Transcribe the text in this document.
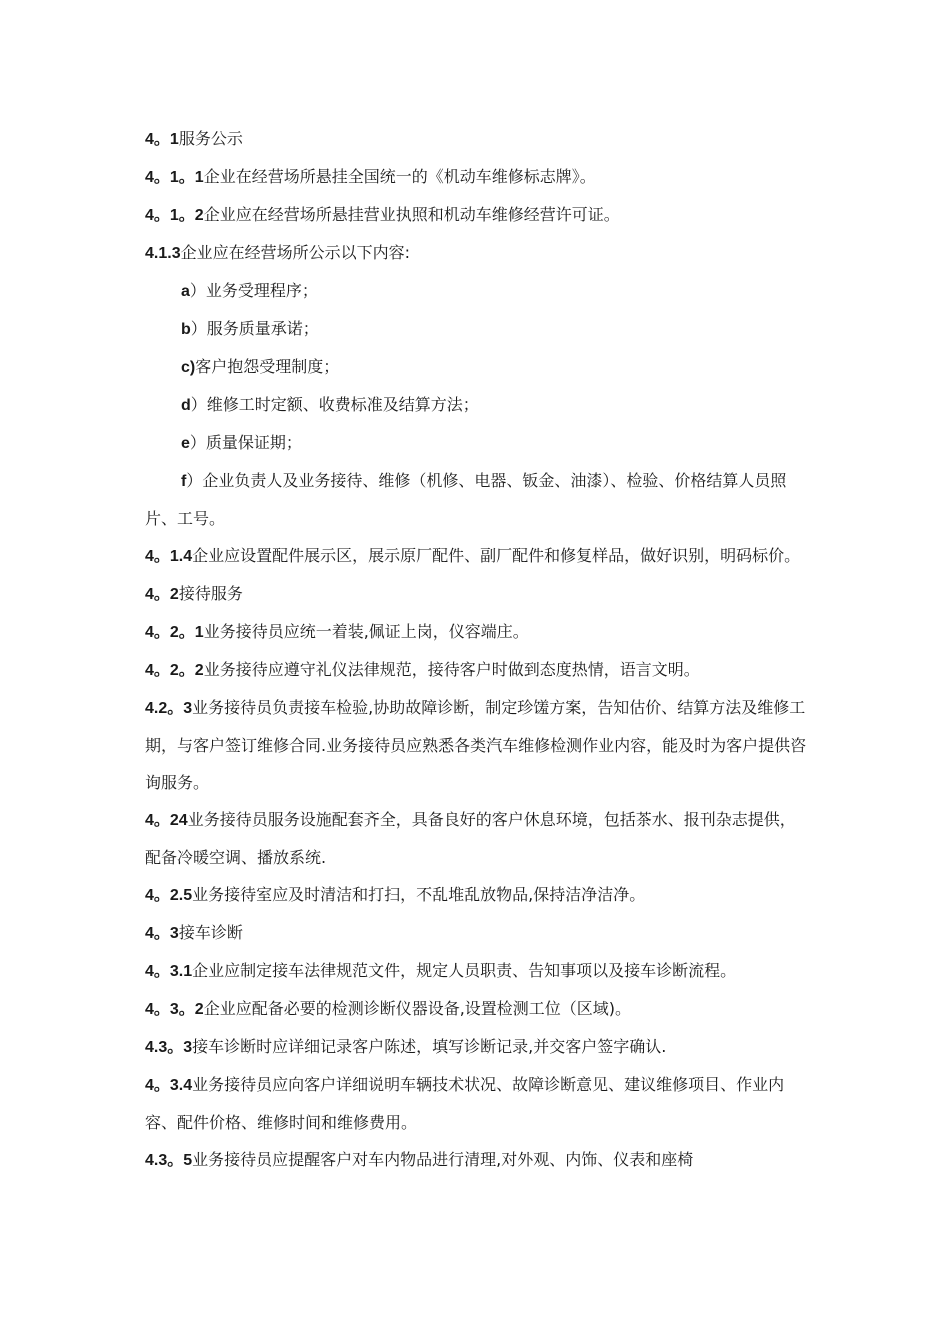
4。1服务公示

4。1。1企业在经营场所悬挂全国统一的《机动车维修标志牌》。

4。1。2企业应在经营场所悬挂营业执照和机动车维修经营许可证。

4.1.3企业应在经营场所公示以下内容:

a）业务受理程序；

b）服务质量承诺；

c)客户抱怨受理制度；

d）维修工时定额、收费标准及结算方法；

e）质量保证期；

f）企业负责人及业务接待、维修（机修、电器、钣金、油漆）、检验、价格结算人员照片、工号。

4。1.4企业应设置配件展示区，展示原厂配件、副厂配件和修复样品，做好识别，明码标价。

4。2接待服务

4。2。1业务接待员应统一着装,佩证上岗，仪容端庄。

4。2。2业务接待应遵守礼仪法律规范，接待客户时做到态度热情，语言文明。

4.2。3业务接待员负责接车检验,协助故障诊断，制定珍馐方案，告知估价、结算方法及维修工期，与客户签订维修合同.业务接待员应熟悉各类汽车维修检测作业内容，能及时为客户提供咨询服务。

4。24业务接待员服务设施配套齐全，具备良好的客户休息环境，包括茶水、报刊杂志提供，配备冷暖空调、播放系统.

4。2.5业务接待室应及时清洁和打扫，不乱堆乱放物品,保持洁净洁净。

4。3接车诊断

4。3.1企业应制定接车法律规范文件，规定人员职责、告知事项以及接车诊断流程。

4。3。2企业应配备必要的检测诊断仪器设备,设置检测工位（区域)。

4.3。3接车诊断时应详细记录客户陈述，填写诊断记录,并交客户签字确认.

4。3.4业务接待员应向客户详细说明车辆技术状况、故障诊断意见、建议维修项目、作业内容、配件价格、维修时间和维修费用。

4.3。5业务接待员应提醒客户对车内物品进行清理,对外观、内饰、仪表和座椅
